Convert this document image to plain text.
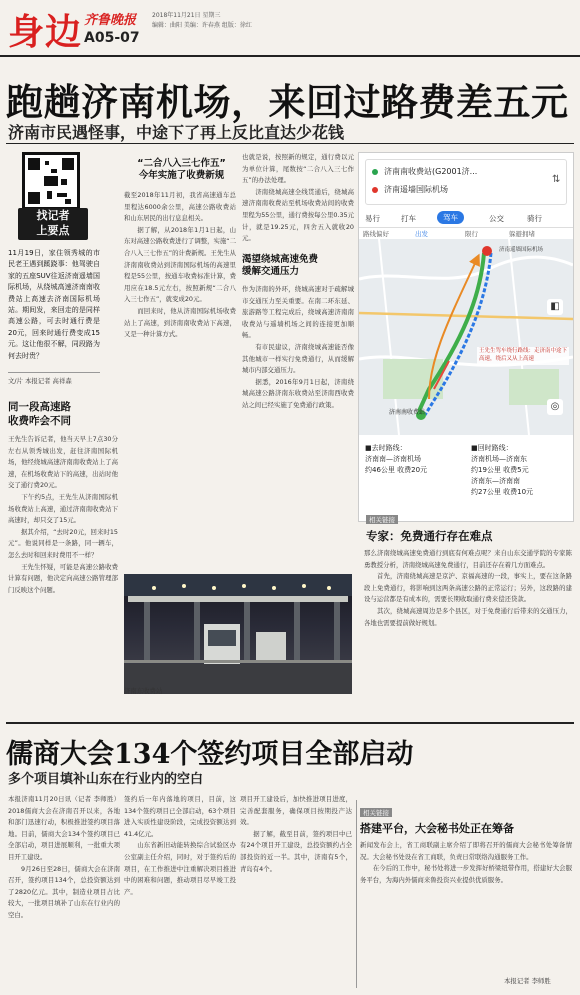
身边 齐鲁晚报
A05-07
2018年11月21日 星期三
编辑：曲阳 美编：许春燕 组版：徐红
跑趟济南机场，来回过路费差五元
济南市民遇怪事，中途下了再上反比直达少花钱
找记者
上要点
11月19日，家住领秀城的市民老王遇到蹊跷事：他驾驶自家的五座SUV往返济南遥墙国际机场，从绕城高速济南南收费站上高速去济南国际机场站。期间发，来回走的是同样高速公路，可去时通行费是20元，回来时通行费变成15元。这让他很不解，同段路为何去时贵？
文/片 本报记者 高祥森
同一段高速路
收费咋会不同
王先生告诉记者，他当天早上7点30分左右从领秀城出发，赶往济南国际机场，他经绕城高速济南南收费站上了高速，在机场收费站下的高速，出站时他交了通行费20元。
　　下午约5点，王先生从济南国际机场收费站上高速，通过济南南收费站下高速时，却只交了15元。
　　据其介绍，“去时20元，回来时15元”。他说同样是一条路，同一辆车，怎么去时和回来时费用不一样？
　　王先生怀疑，可能是高速公路收费计算有问题，他决定向高速公路管理部门反映这个问题。
“二合八入三七作五”
今年实施了收费新规
截至2018年11月初，我省高速通车总里程达6000余公里，高速公路收费站和山东居民的出行息息相关。
　　据了解，从2018年1月1日起，山东对高速公路收费进行了调整，实施“二合八入三七作五”的计费新规。王先生从济南南收费站到济南国际机场的高速里程是55公里，按通车收费标准计算，费用应在18.5元左右，按照新规“二合八入三七作五”，就变成20元。
　　而回来时，他从济南国际机场收费站上了高速，到济南南收费站下高速，又是一种计算方式。
也就是说，按照新的规定，通行费以元为单位计算，尾数按“二合八入三七作五”的办法处理。
　　济南绕城高速全线贯通后，绕城高速济南南收费站至机场收费站间的收费里程为55公里，通行费按每公里0.35元计，就是19.25元，四舍五入就收20元。
渴望绕城高速免费
缓解交通压力
作为济南的外环，绕城高速对于疏解城市交通压力至关重要。在南二环东延、旅游路等工程完成后，绕城高速济南南收费站与遥墙机场之间的连接更加顺畅。
　　有市民建议，济南绕城高速能否像其他城市一样实行免费通行，从而缓解城市内部交通压力。
　　据悉，2016年9月1日起，济南绕城高速公路济南东收费站至济南西收费站之间已经实施了免费通行政策。
济南东收费站
济南南收费站(G2001济...
济南遥墙国际机场
⇅
易行	打车	驾车	公交	骑行
路线偏好	出发	限行	躲避拥堵
济南遥墙国际机场
王先生驾车绕行路线：走济南中途下高速，绕后又从上高速
济南南收费站
◧
◎
■去时路线：
济南南—济南机场
约46公里 收费20元
■回时路线：
济南机场—济南东
约19公里 收费5元
济南东—济南南
约27公里 收费10元
相关链接
专家：免费通行存在难点
那么济南绕城高速免费通行到底有何难点呢？来自山东交通学院的专家陈勇教授分析，济南绕城高速免费通行，目前还存在着几方面难点。
　　首先，济南绕城高速是京沪、京福高速的一段，事实上，要在这条路段上免费通行，将影响到这两条高速公路的正常运行；另外，这段路的建设与运营都是有成本的，需要长期收取通行费来偿还贷款。
　　其次，绕城高速周边是多个县区，对于免费通行后带来的交通压力，各地也需要提前做好规划。
儒商大会134个签约项目全部启动
多个项目填补山东在行业内的空白
本报济南11月20日讯（记者 李师胜）2018儒商大会在济南召开以来，各地和部门迅速行动，积极推进签约项目落地。目前，儒商大会134个签约项目已全部启动，项目进展顺利，一批重大项目开工建设。
　　9月26日至28日，儒商大会在济南召开，签约项目134个，总投资额达到了2820亿元。其中，制造业项目占比较大，一批项目填补了山东在行业内的空白。
签约后一年内落地的项目，目前，这134个签约项目已全部启动，63个项目进入实质性建设阶段，完成投资额达到41.4亿元。
　　山东省新旧动能转换综合试验区办公室副主任介绍，同时，对于签约后的项目，在工作推进中注重解决项目推进中的困难和问题，推动项目尽早竣工投产。
项目开工建设后，加快推进项目进度，完善配套服务，确保项目按期投产达效。
　　据了解，截至目前，签约项目中已有24个项目开工建设，总投资额约占全部投资的近一半。其中，济南有5个，青岛有4个。
相关链接
搭建平台，大会秘书处正在筹备
新闻发布会上，省工商联副主席介绍了即将召开的儒商大会秘书处筹备情况。大会秘书处设在省工商联，负责日常联络沟通服务工作。
　　在今后的工作中，秘书处将进一步发挥好桥梁纽带作用，搭建好大会服务平台，为海内外儒商来鲁投资兴业提供优质服务。
本报记者 李师胜
